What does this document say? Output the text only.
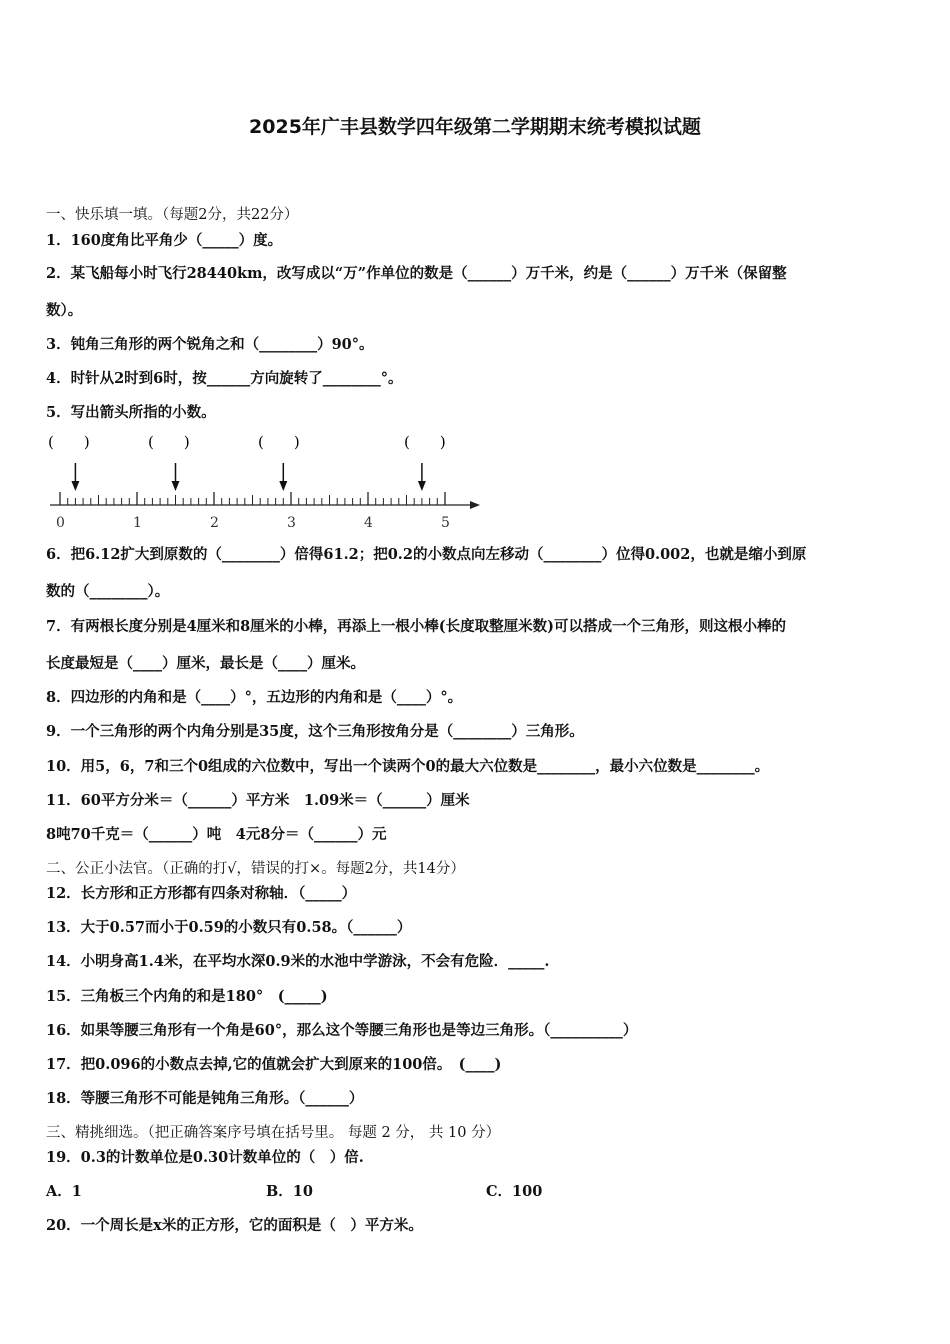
2025年广丰县数学四年级第二学期期末统考模拟试题
一、快乐填一填。（每题2分，共22分）
1．160度角比平角少（_____）度。
2．某飞船每小时飞行28440km，改写成以“万”作单位的数是（______）万千米，约是（______）万千米（保留整
数）。
3．钝角三角形的两个锐角之和（________）90°。
4．时针从2时到6时，按______方向旋转了________°。
5．写出箭头所指的小数。
(　　)	(　　)	(　　)	(　　)
0	1	2	3	4	5
6．把6.12扩大到原数的（________）倍得61.2；把0.2的小数点向左移动（________）位得0.002，也就是缩小到原
数的（________）。
7．有两根长度分别是4厘米和8厘米的小棒，再添上一根小棒(长度取整厘米数)可以搭成一个三角形，则这根小棒的
长度最短是（____）厘米，最长是（____）厘米。
8．四边形的内角和是（____）°，五边形的内角和是（____）°。
9．一个三角形的两个内角分别是35度，这个三角形按角分是（________）三角形。
10．用5，6，7和三个0组成的六位数中，写出一个读两个0的最大六位数是________，最小六位数是________。
11．60平方分米＝（______）平方米　1.09米＝（______）厘米
8吨70千克＝（______）吨　4元8分＝（______）元
二、公正小法官。（正确的打√，错误的打×。每题2分，共14分）
12．长方形和正方形都有四条对称轴．（_____）
13．大于0.57而小于0.59的小数只有0.58。（______）
14．小明身高1.4米，在平均水深0.9米的水池中学游泳，不会有危险．_____.
15．三角板三个内角的和是180°　(_____)
16．如果等腰三角形有一个角是60°，那么这个等腰三角形也是等边三角形。（__________）
17．把0.096的小数点去掉,它的值就会扩大到原来的100倍。　(____)
18．等腰三角形不可能是钝角三角形。（______）
三、精挑细选。（把正确答案序号填在括号里。 每题 2 分， 共 10 分）
19．0.3的计数单位是0.30计数单位的（　）倍.
A．1	B．10	C．100
20．一个周长是x米的正方形，它的面积是（　）平方米。
